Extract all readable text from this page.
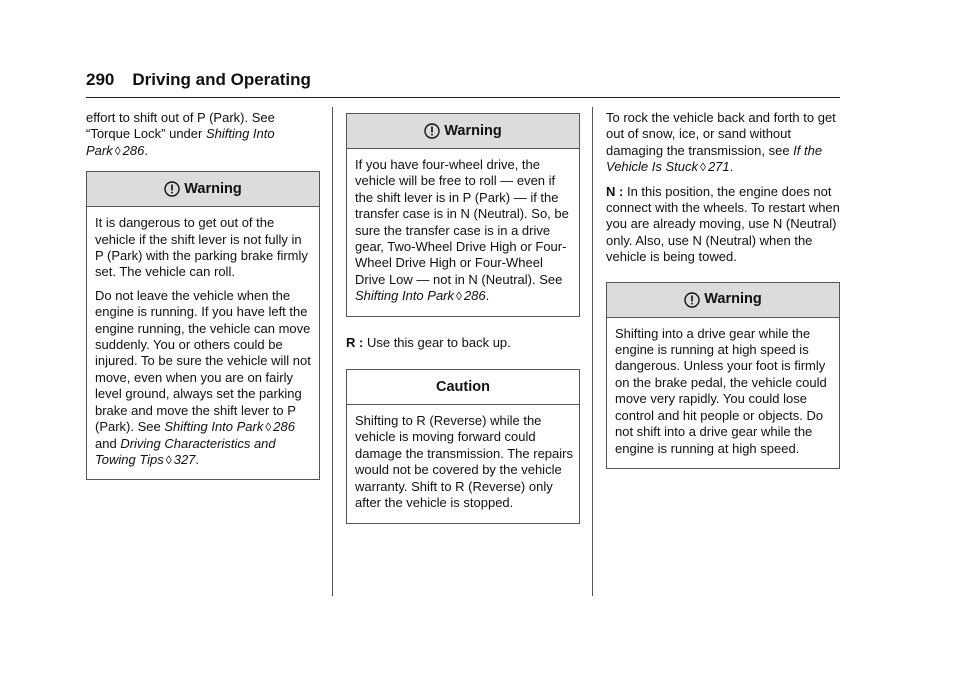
290 Driving and Operating

effort to shift out of P (Park). See “Torque Lock” under Shifting Into Park ◊ 286.

Warning

It is dangerous to get out of the vehicle if the shift lever is not fully in P (Park) with the parking brake firmly set. The vehicle can roll.

Do not leave the vehicle when the engine is running. If you have left the engine running, the vehicle can move suddenly. You or others could be injured. To be sure the vehicle will not move, even when you are on fairly level ground, always set the parking brake and move the shift lever to P (Park). See Shifting Into Park ◊ 286 and Driving Characteristics and Towing Tips ◊ 327.

Warning

If you have four-wheel drive, the vehicle will be free to roll — even if the shift lever is in P (Park) — if the transfer case is in N (Neutral). So, be sure the transfer case is in a drive gear, Two-Wheel Drive High or Four-Wheel Drive High or Four-Wheel Drive Low — not in N (Neutral). See Shifting Into Park ◊ 286.

R : Use this gear to back up.

Caution

Shifting to R (Reverse) while the vehicle is moving forward could damage the transmission. The repairs would not be covered by the vehicle warranty. Shift to R (Reverse) only after the vehicle is stopped.

To rock the vehicle back and forth to get out of snow, ice, or sand without damaging the transmission, see If the Vehicle Is Stuck ◊ 271.

N : In this position, the engine does not connect with the wheels. To restart when you are already moving, use N (Neutral) only. Also, use N (Neutral) when the vehicle is being towed.

Warning

Shifting into a drive gear while the engine is running at high speed is dangerous. Unless your foot is firmly on the brake pedal, the vehicle could move very rapidly. You could lose control and hit people or objects. Do not shift into a drive gear while the engine is running at high speed.
